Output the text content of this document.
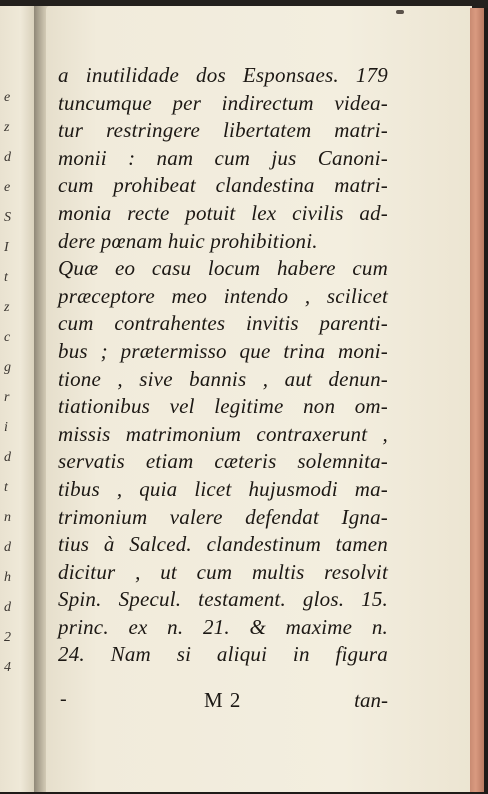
e
z
d
e
S
I
t
z
c
g
r
i
d
t
n
d
h
d
2
4
a inutilidade dos Esponsaes. 179
tuncumque per indirectum videa-
tur restringere libertatem matri-
monii : nam cum jus Canoni-
cum prohibeat clandestina matri-
monia recte potuit lex civilis ad-
dere pœnam huic prohibitioni.
Quæ eo casu locum habere cum
præceptore meo intendo , scilicet
cum contrahentes invitis parenti-
bus ; prætermisso que trina moni-
tione , sive bannis , aut denun-
tiationibus vel legitime non om-
missis matrimonium contraxerunt ,
servatis etiam cæteris solemnita-
tibus , quia licet hujusmodi ma-
trimonium valere defendat Igna-
tius à Salced. clandestinum tamen
dicitur , ut cum multis resolvit
Spin. Specul. testament. glos. 15.
princ. ex n. 21. & maxime n.
24. Nam si aliqui in figura
-	M 2	tan-
